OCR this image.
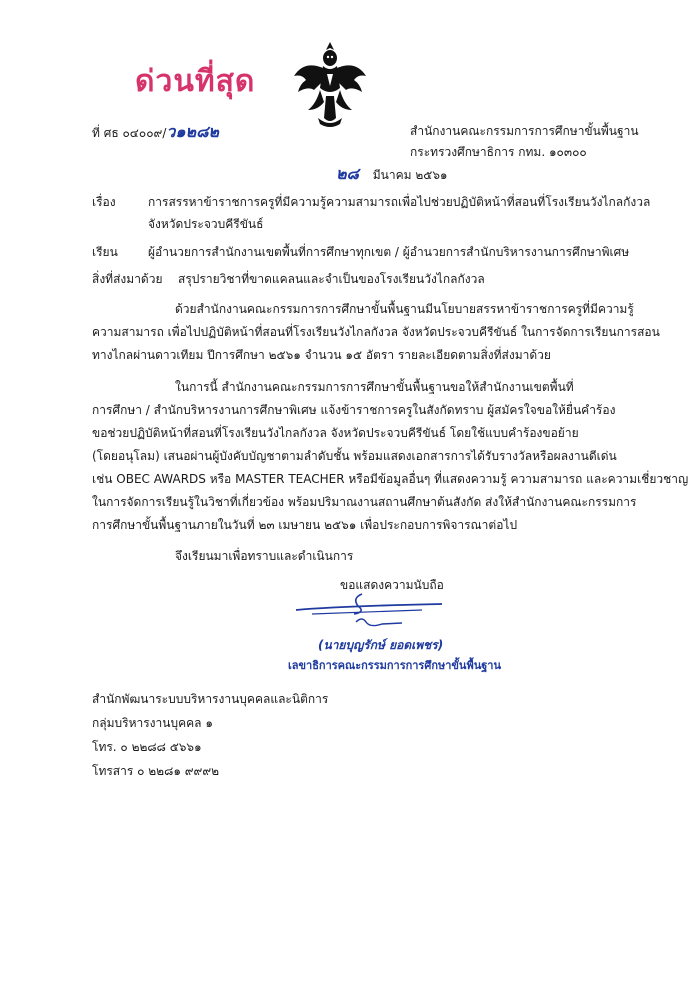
ด่วนที่สุด
ที่ ศธ ๐๔๐๐๙/ว๑๒๘๒	สำนักงานคณะกรรมการการศึกษาขั้นพื้นฐาน
กระทรวงศึกษาธิการ กทม. ๑๐๓๐๐
๒๘ มีนาคม ๒๕๖๑
เรื่อง	การสรรหาข้าราชการครูที่มีความรู้ความสามารถเพื่อไปช่วยปฏิบัติหน้าที่สอนที่โรงเรียนวังไกลกังวล
จังหวัดประจวบคีรีขันธ์
เรียน	ผู้อำนวยการสำนักงานเขตพื้นที่การศึกษาทุกเขต / ผู้อำนวยการสำนักบริหารงานการศึกษาพิเศษ
สิ่งที่ส่งมาด้วย สรุปรายวิชาที่ขาดแคลนและจำเป็นของโรงเรียนวังไกลกังวล
ด้วยสำนักงานคณะกรรมการการศึกษาขั้นพื้นฐานมีนโยบายสรรหาข้าราชการครูที่มีความรู้
ความสามารถ เพื่อไปปฏิบัติหน้าที่สอนที่โรงเรียนวังไกลกังวล จังหวัดประจวบคีรีขันธ์ ในการจัดการเรียนการสอน
ทางไกลผ่านดาวเทียม ปีการศึกษา ๒๕๖๑ จำนวน ๑๕ อัตรา รายละเอียดตามสิ่งที่ส่งมาด้วย
ในการนี้ สำนักงานคณะกรรมการการศึกษาขั้นพื้นฐานขอให้สำนักงานเขตพื้นที่
การศึกษา / สำนักบริหารงานการศึกษาพิเศษ แจ้งข้าราชการครูในสังกัดทราบ ผู้สมัครใจขอให้ยื่นคำร้อง
ขอช่วยปฏิบัติหน้าที่สอนที่โรงเรียนวังไกลกังวล จังหวัดประจวบคีรีขันธ์ โดยใช้แบบคำร้องขอย้าย
(โดยอนุโลม) เสนอผ่านผู้บังคับบัญชาตามลำดับชั้น พร้อมแสดงเอกสารการได้รับรางวัลหรือผลงานดีเด่น
เช่น OBEC AWARDS หรือ MASTER TEACHER หรือมีข้อมูลอื่นๆ ที่แสดงความรู้ ความสามารถ และความเชี่ยวชาญ
ในการจัดการเรียนรู้ในวิชาที่เกี่ยวข้อง พร้อมปริมาณงานสถานศึกษาต้นสังกัด ส่งให้สำนักงานคณะกรรมการ
การศึกษาขั้นพื้นฐานภายในวันที่ ๒๓ เมษายน ๒๕๖๑ เพื่อประกอบการพิจารณาต่อไป
จึงเรียนมาเพื่อทราบและดำเนินการ
ขอแสดงความนับถือ
(นายบุญรักษ์ ยอดเพชร)
เลขาธิการคณะกรรมการการศึกษาขั้นพื้นฐาน
สำนักพัฒนาระบบบริหารงานบุคคลและนิติการ
กลุ่มบริหารงานบุคคล ๑
โทร. ๐ ๒๒๘๘ ๕๖๖๑
โทรสาร ๐ ๒๒๘๑ ๙๙๙๒
